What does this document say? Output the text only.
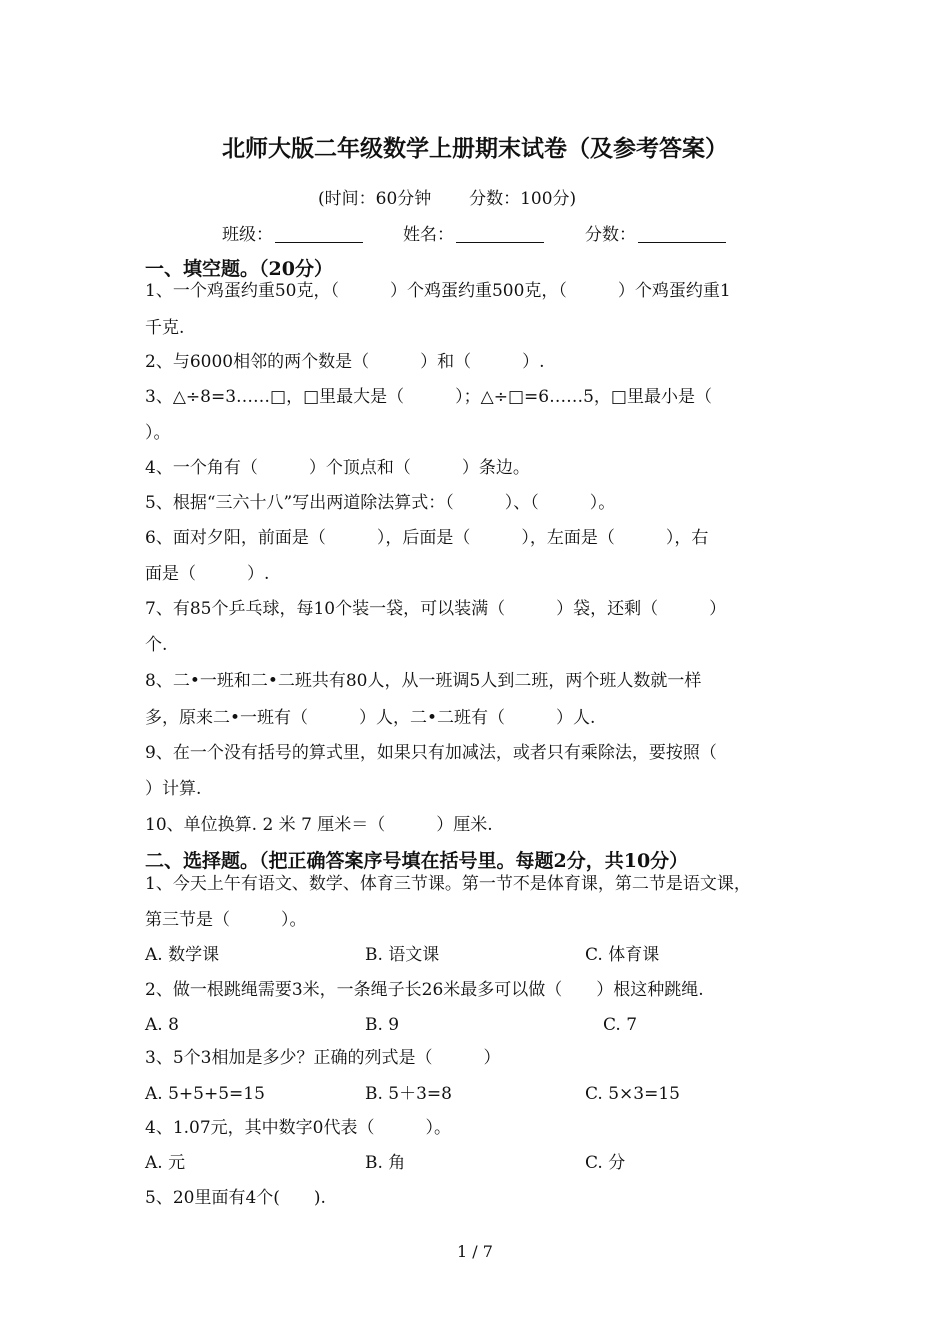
北师大版二年级数学上册期末试卷（及参考答案）
(时间：60分钟 分数：100分)
班级：	姓名：	分数：
一、填空题。（20分）
1、一个鸡蛋约重50克，（　　　）个鸡蛋约重500克，（　　　）个鸡蛋约重1
千克.
2、与6000相邻的两个数是（　　　）和（　　　）.
3、△÷8=3……□，□里最大是（　　　）；△÷□=6……5，□里最小是（
）。
4、一个角有（　　　）个顶点和（　　　）条边。
5、根据“三六十八”写出两道除法算式：（　　　）、（　　　）。
6、面对夕阳，前面是（　　　），后面是（　　　），左面是（　　　），右
面是（　　　）.
7、有85个乒乓球，每10个装一袋，可以装满（　　　）袋，还剩（　　　）
个.
8、二•一班和二•二班共有80人，从一班调5人到二班，两个班人数就一样
多，原来二•一班有（　　　）人，二•二班有（　　　）人.
9、在一个没有括号的算式里，如果只有加减法，或者只有乘除法，要按照（
）计算.
10、单位换算. 2 米 7 厘米＝（　　　）厘米.
二、选择题。（把正确答案序号填在括号里。每题2分，共10分）
1、今天上午有语文、数学、体育三节课。第一节不是体育课，第二节是语文课，
第三节是（　　　）。
A. 数学课	B. 语文课	C. 体育课
2、做一根跳绳需要3米，一条绳子长26米最多可以做（　　）根这种跳绳.
A. 8	B. 9	C. 7
3、5个3相加是多少？正确的列式是（　　　）
A. 5+5+5=15	B. 5＋3=8	C. 5×3=15
4、1.07元，其中数字0代表（　　　）。
A. 元	B. 角	C. 分
5、20里面有4个(　　).
1 / 7
